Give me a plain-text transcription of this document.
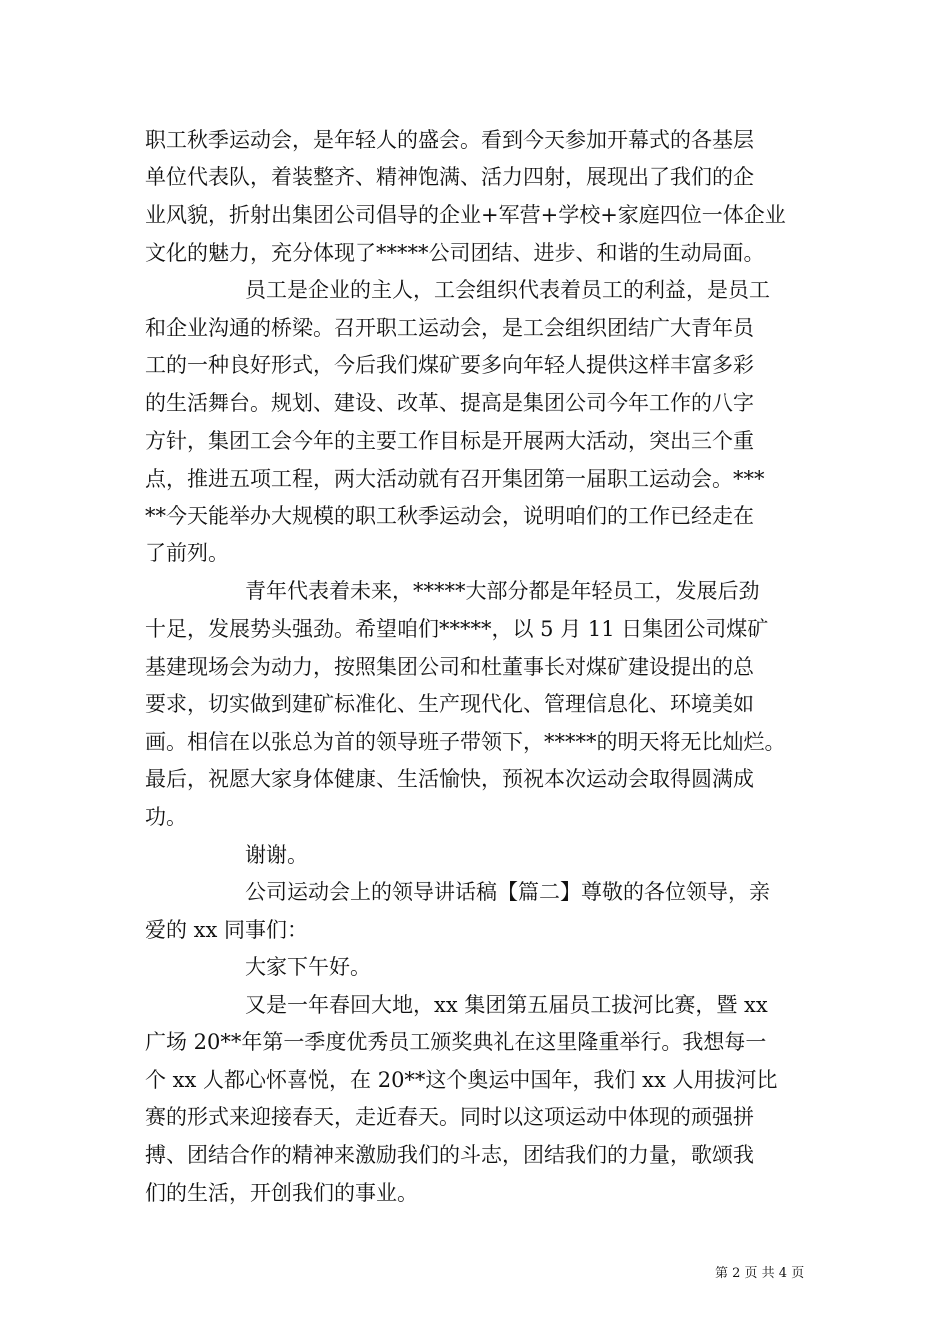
职工秋季运动会，是年轻人的盛会。看到今天参加开幕式的各基层
单位代表队，着装整齐、精神饱满、活力四射，展现出了我们的企
业风貌，折射出集团公司倡导的企业+军营+学校+家庭四位一体企业
文化的魅力，充分体现了*****公司团结、进步、和谐的生动局面。
员工是企业的主人，工会组织代表着员工的利益，是员工
和企业沟通的桥梁。召开职工运动会，是工会组织团结广大青年员
工的一种良好形式，今后我们煤矿要多向年轻人提供这样丰富多彩
的生活舞台。规划、建设、改革、提高是集团公司今年工作的八字
方针，集团工会今年的主要工作目标是开展两大活动，突出三个重
点，推进五项工程，两大活动就有召开集团第一届职工运动会。***
**今天能举办大规模的职工秋季运动会，说明咱们的工作已经走在
了前列。
青年代表着未来，*****大部分都是年轻员工，发展后劲
十足，发展势头强劲。希望咱们*****，以 5 月 11 日集团公司煤矿
基建现场会为动力，按照集团公司和杜董事长对煤矿建设提出的总
要求，切实做到建矿标准化、生产现代化、管理信息化、环境美如
画。相信在以张总为首的领导班子带领下，*****的明天将无比灿烂。
最后，祝愿大家身体健康、生活愉快，预祝本次运动会取得圆满成
功。
谢谢。
公司运动会上的领导讲话稿【篇二】尊敬的各位领导，亲
爱的 xx 同事们：
大家下午好。
又是一年春回大地，xx 集团第五届员工拔河比赛，暨 xx
广场 20**年第一季度优秀员工颁奖典礼在这里隆重举行。我想每一
个 xx 人都心怀喜悦，在 20**这个奥运中国年，我们 xx 人用拔河比
赛的形式来迎接春天，走近春天。同时以这项运动中体现的顽强拼
搏、团结合作的精神来激励我们的斗志，团结我们的力量，歌颂我
们的生活，开创我们的事业。
第 2 页 共 4 页
